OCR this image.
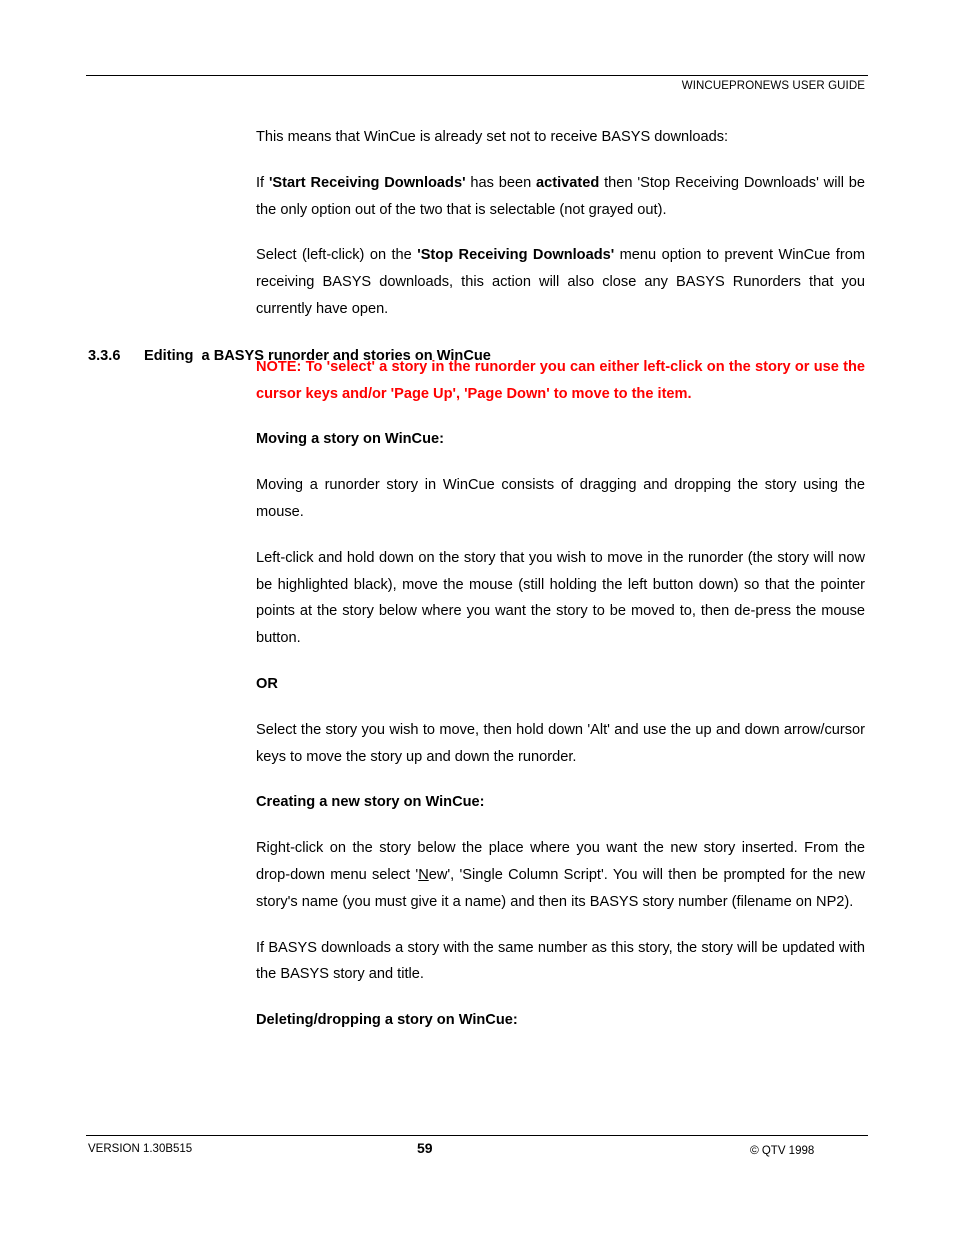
WINCUEPRONEWS USER GUIDE

This means that WinCue is already set not to receive BASYS downloads:

If 'Start Receiving Downloads' has been activated then 'Stop Receiving Downloads' will be the only option out of the two that is selectable (not grayed out).

Select (left-click) on the 'Stop Receiving Downloads' menu option to prevent WinCue from receiving BASYS downloads, this action will also close any BASYS Runorders that you currently have open.

NOTE: To 'select' a story in the runorder you can either left-click on the story or use the cursor keys and/or 'Page Up', 'Page Down' to move to the item.

Moving a story on WinCue:

Moving a runorder story in WinCue consists of dragging and dropping the story using the mouse.

Left-click and hold down on the story that you wish to move in the runorder (the story will now be highlighted black), move the mouse (still holding the left button down) so that the pointer points at the story below where you want the story to be moved to, then de-press the mouse button.

OR

Select the story you wish to move, then hold down 'Alt' and use the up and down arrow/cursor keys to move the story up and down the runorder.

Creating a new story on WinCue:

Right-click on the story below the place where you want the new story inserted. From the drop-down menu select 'New', 'Single Column Script'. You will then be prompted for the new story's name (you must give it a name) and then its BASYS story number (filename on NP2).

If BASYS downloads a story with the same number as this story, the story will be updated with the BASYS story and title.

Deleting/dropping a story on WinCue:

3.3.6 Editing  a BASYS runorder and stories on WinCue
VERSION 1.30B515	59	© QTV 1998
